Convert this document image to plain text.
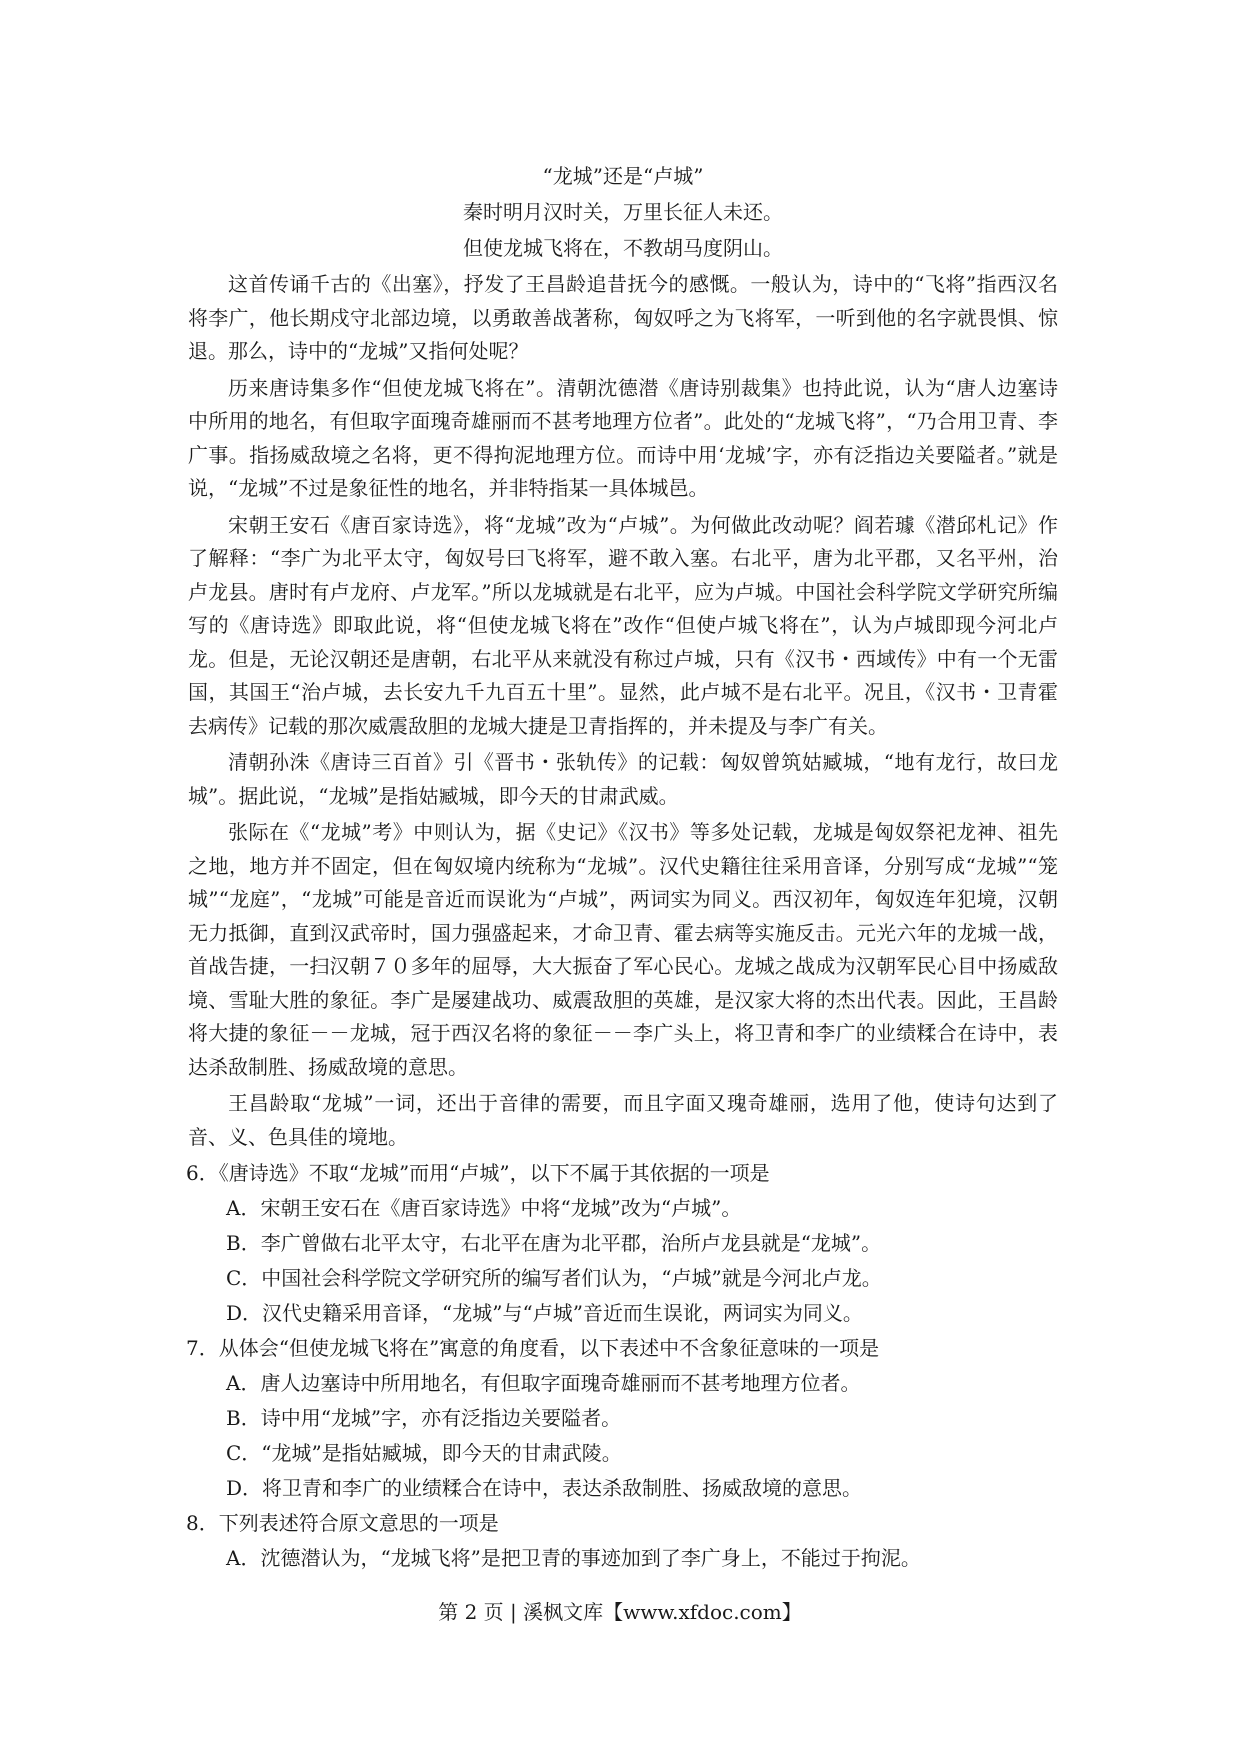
“龙城”还是“卢城”
秦时明月汉时关，万里长征人未还。
但使龙城飞将在，不教胡马度阴山。

这首传诵千古的《出塞》，抒发了王昌龄追昔抚今的感慨。一般认为，诗中的“飞将”指西汉名将李广，他长期戍守北部边境，以勇敢善战著称，匈奴呼之为飞将军，一听到他的名字就畏惧、惊退。那么，诗中的“龙城”又指何处呢？

历来唐诗集多作“但使龙城飞将在”。清朝沈德潜《唐诗别裁集》也持此说，认为“唐人边塞诗中所用的地名，有但取字面瑰奇雄丽而不甚考地理方位者”。此处的“龙城飞将”，“乃合用卫青、李广事。指扬威敌境之名将，更不得拘泥地理方位。而诗中用‘龙城’字，亦有泛指边关要隘者。”就是说，“龙城”不过是象征性的地名，并非特指某一具体城邑。

宋朝王安石《唐百家诗选》，将“龙城”改为“卢城”。为何做此改动呢？阎若璩《潜邱札记》作了解释：“李广为北平太守，匈奴号曰飞将军，避不敢入塞。右北平，唐为北平郡，又名平州，治卢龙县。唐时有卢龙府、卢龙军。”所以龙城就是右北平，应为卢城。中国社会科学院文学研究所编写的《唐诗选》即取此说，将“但使龙城飞将在”改作“但使卢城飞将在”，认为卢城即现今河北卢龙。但是，无论汉朝还是唐朝，右北平从来就没有称过卢城，只有《汉书・西域传》中有一个无雷国，其国王“治卢城，去长安九千九百五十里”。显然，此卢城不是右北平。况且，《汉书・卫青霍去病传》记载的那次威震敌胆的龙城大捷是卫青指挥的，并未提及与李广有关。

清朝孙洙《唐诗三百首》引《晋书・张轨传》的记载：匈奴曾筑姑臧城，“地有龙行，故曰龙城”。据此说，“龙城”是指姑臧城，即今天的甘肃武威。

张际在《“龙城”考》中则认为，据《史记》《汉书》等多处记载，龙城是匈奴祭祀龙神、祖先之地，地方并不固定，但在匈奴境内统称为“龙城”。汉代史籍往往采用音译，分别写成“龙城”“笼城”“龙庭”，“龙城”可能是音近而误讹为“卢城”，两词实为同义。西汉初年，匈奴连年犯境，汉朝无力抵御，直到汉武帝时，国力强盛起来，才命卫青、霍去病等实施反击。元光六年的龙城一战，首战告捷，一扫汉朝７０多年的屈辱，大大振奋了军心民心。龙城之战成为汉朝军民心目中扬威敌境、雪耻大胜的象征。李广是屡建战功、威震敌胆的英雄，是汉家大将的杰出代表。因此，王昌龄将大捷的象征－－龙城，冠于西汉名将的象征－－李广头上，将卫青和李广的业绩糅合在诗中，表达杀敌制胜、扬威敌境的意思。

王昌龄取“龙城”一词，还出于音律的需要，而且字面又瑰奇雄丽，选用了他，使诗句达到了音、义、色具佳的境地。

6．《唐诗选》不取“龙城”而用“卢城”，以下不属于其依据的一项是
A．宋朝王安石在《唐百家诗选》中将“龙城”改为“卢城”。
B．李广曾做右北平太守，右北平在唐为北平郡，治所卢龙县就是“龙城”。
C．中国社会科学院文学研究所的编写者们认为，“卢城”就是今河北卢龙。
D．汉代史籍采用音译，“龙城”与“卢城”音近而生误讹，两词实为同义。
7．从体会“但使龙城飞将在”寓意的角度看，以下表述中不含象征意味的一项是
A．唐人边塞诗中所用地名，有但取字面瑰奇雄丽而不甚考地理方位者。
B．诗中用“龙城”字，亦有泛指边关要隘者。
C．“龙城”是指姑臧城，即今天的甘肃武陵。
D．将卫青和李广的业绩糅合在诗中，表达杀敌制胜、扬威敌境的意思。
8．下列表述符合原文意思的一项是
A．沈德潜认为，“龙城飞将”是把卫青的事迹加到了李广身上，不能过于拘泥。
第 2 页 | 溪枫文库【www.xfdoc.com】
